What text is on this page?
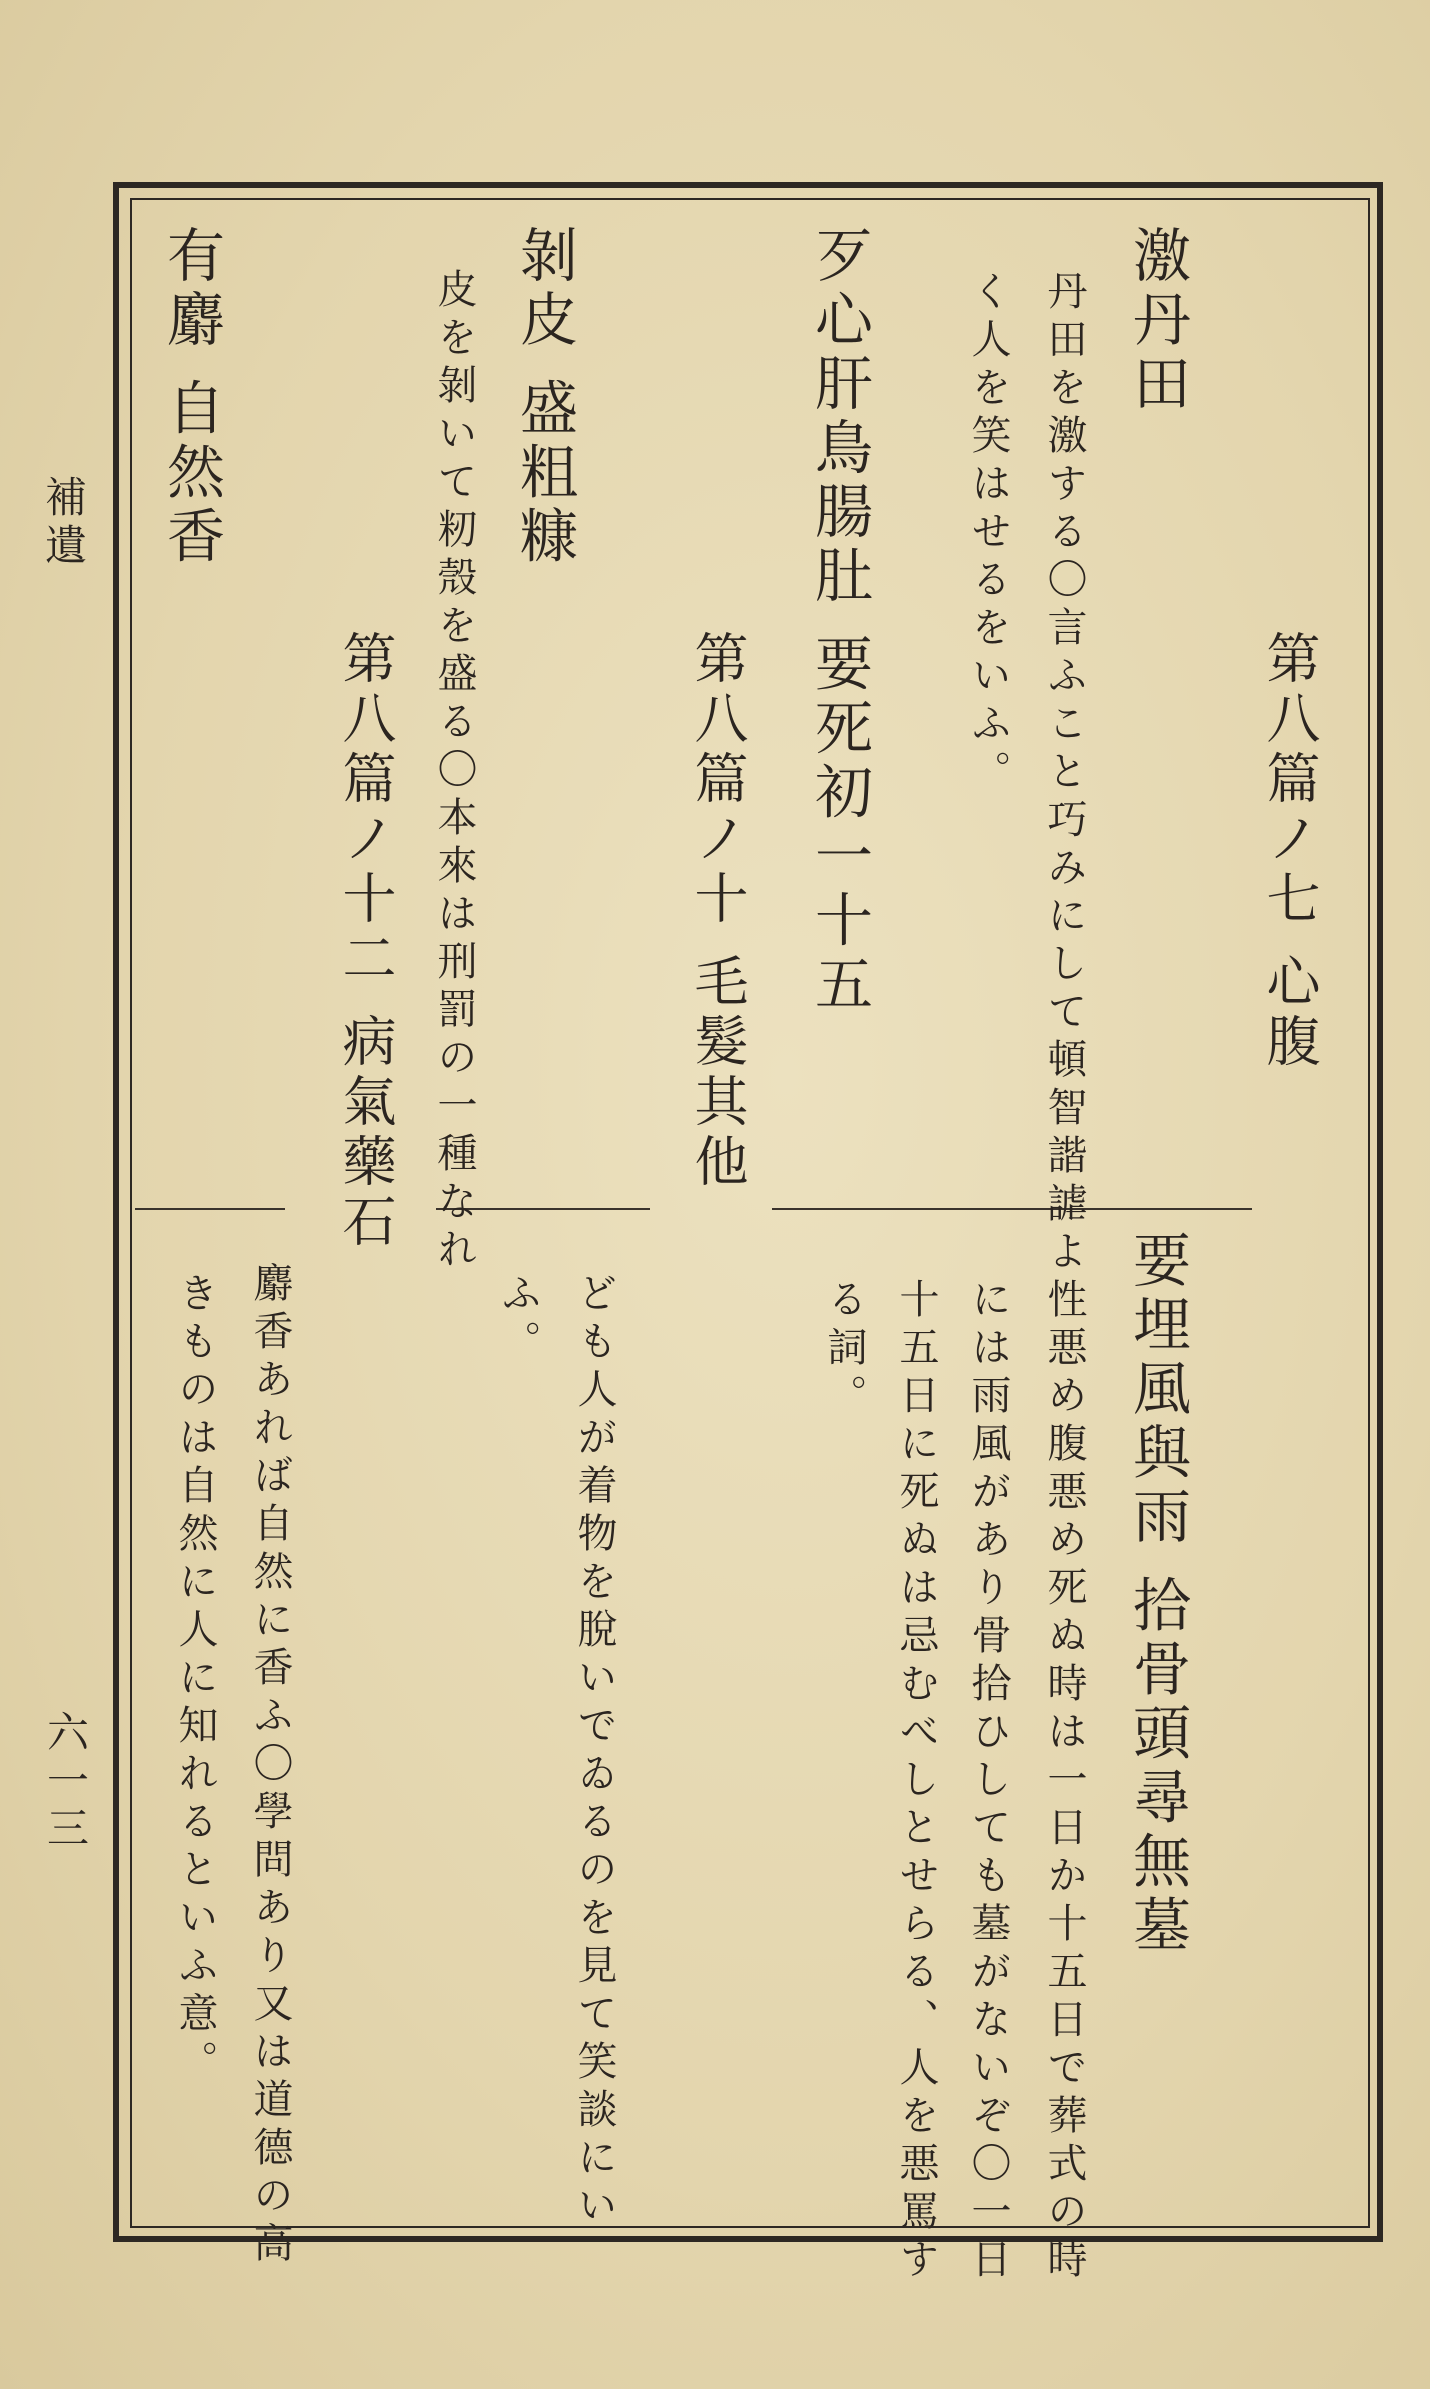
補遺
六一三
第八篇ノ七 心腹
激丹田
丹田を激する〇言ふこと巧みにして頓智諧謔よ
く人を笑はせるをいふ。
歹心肝鳥腸肚 要死初一十五
第八篇ノ十 毛髮其他
剝皮 盛粗糠
皮を剝いて籾殼を盛る〇本來は刑罰の一種なれ
第八篇ノ十二 病氣藥石
有麝 自然香
要埋風與雨 拾骨頭尋無墓
性悪め腹悪め死ぬ時は一日か十五日で葬式の時
には雨風があり骨拾ひしても墓がないぞ〇一日
十五日に死ぬは忌むべしとせらる、人を悪罵す
る詞。
ども人が着物を脫いでゐるのを見て笑談にい
ふ。
麝香あれば自然に香ふ〇學問あり又は道德の高
きものは自然に人に知れるといふ意。
